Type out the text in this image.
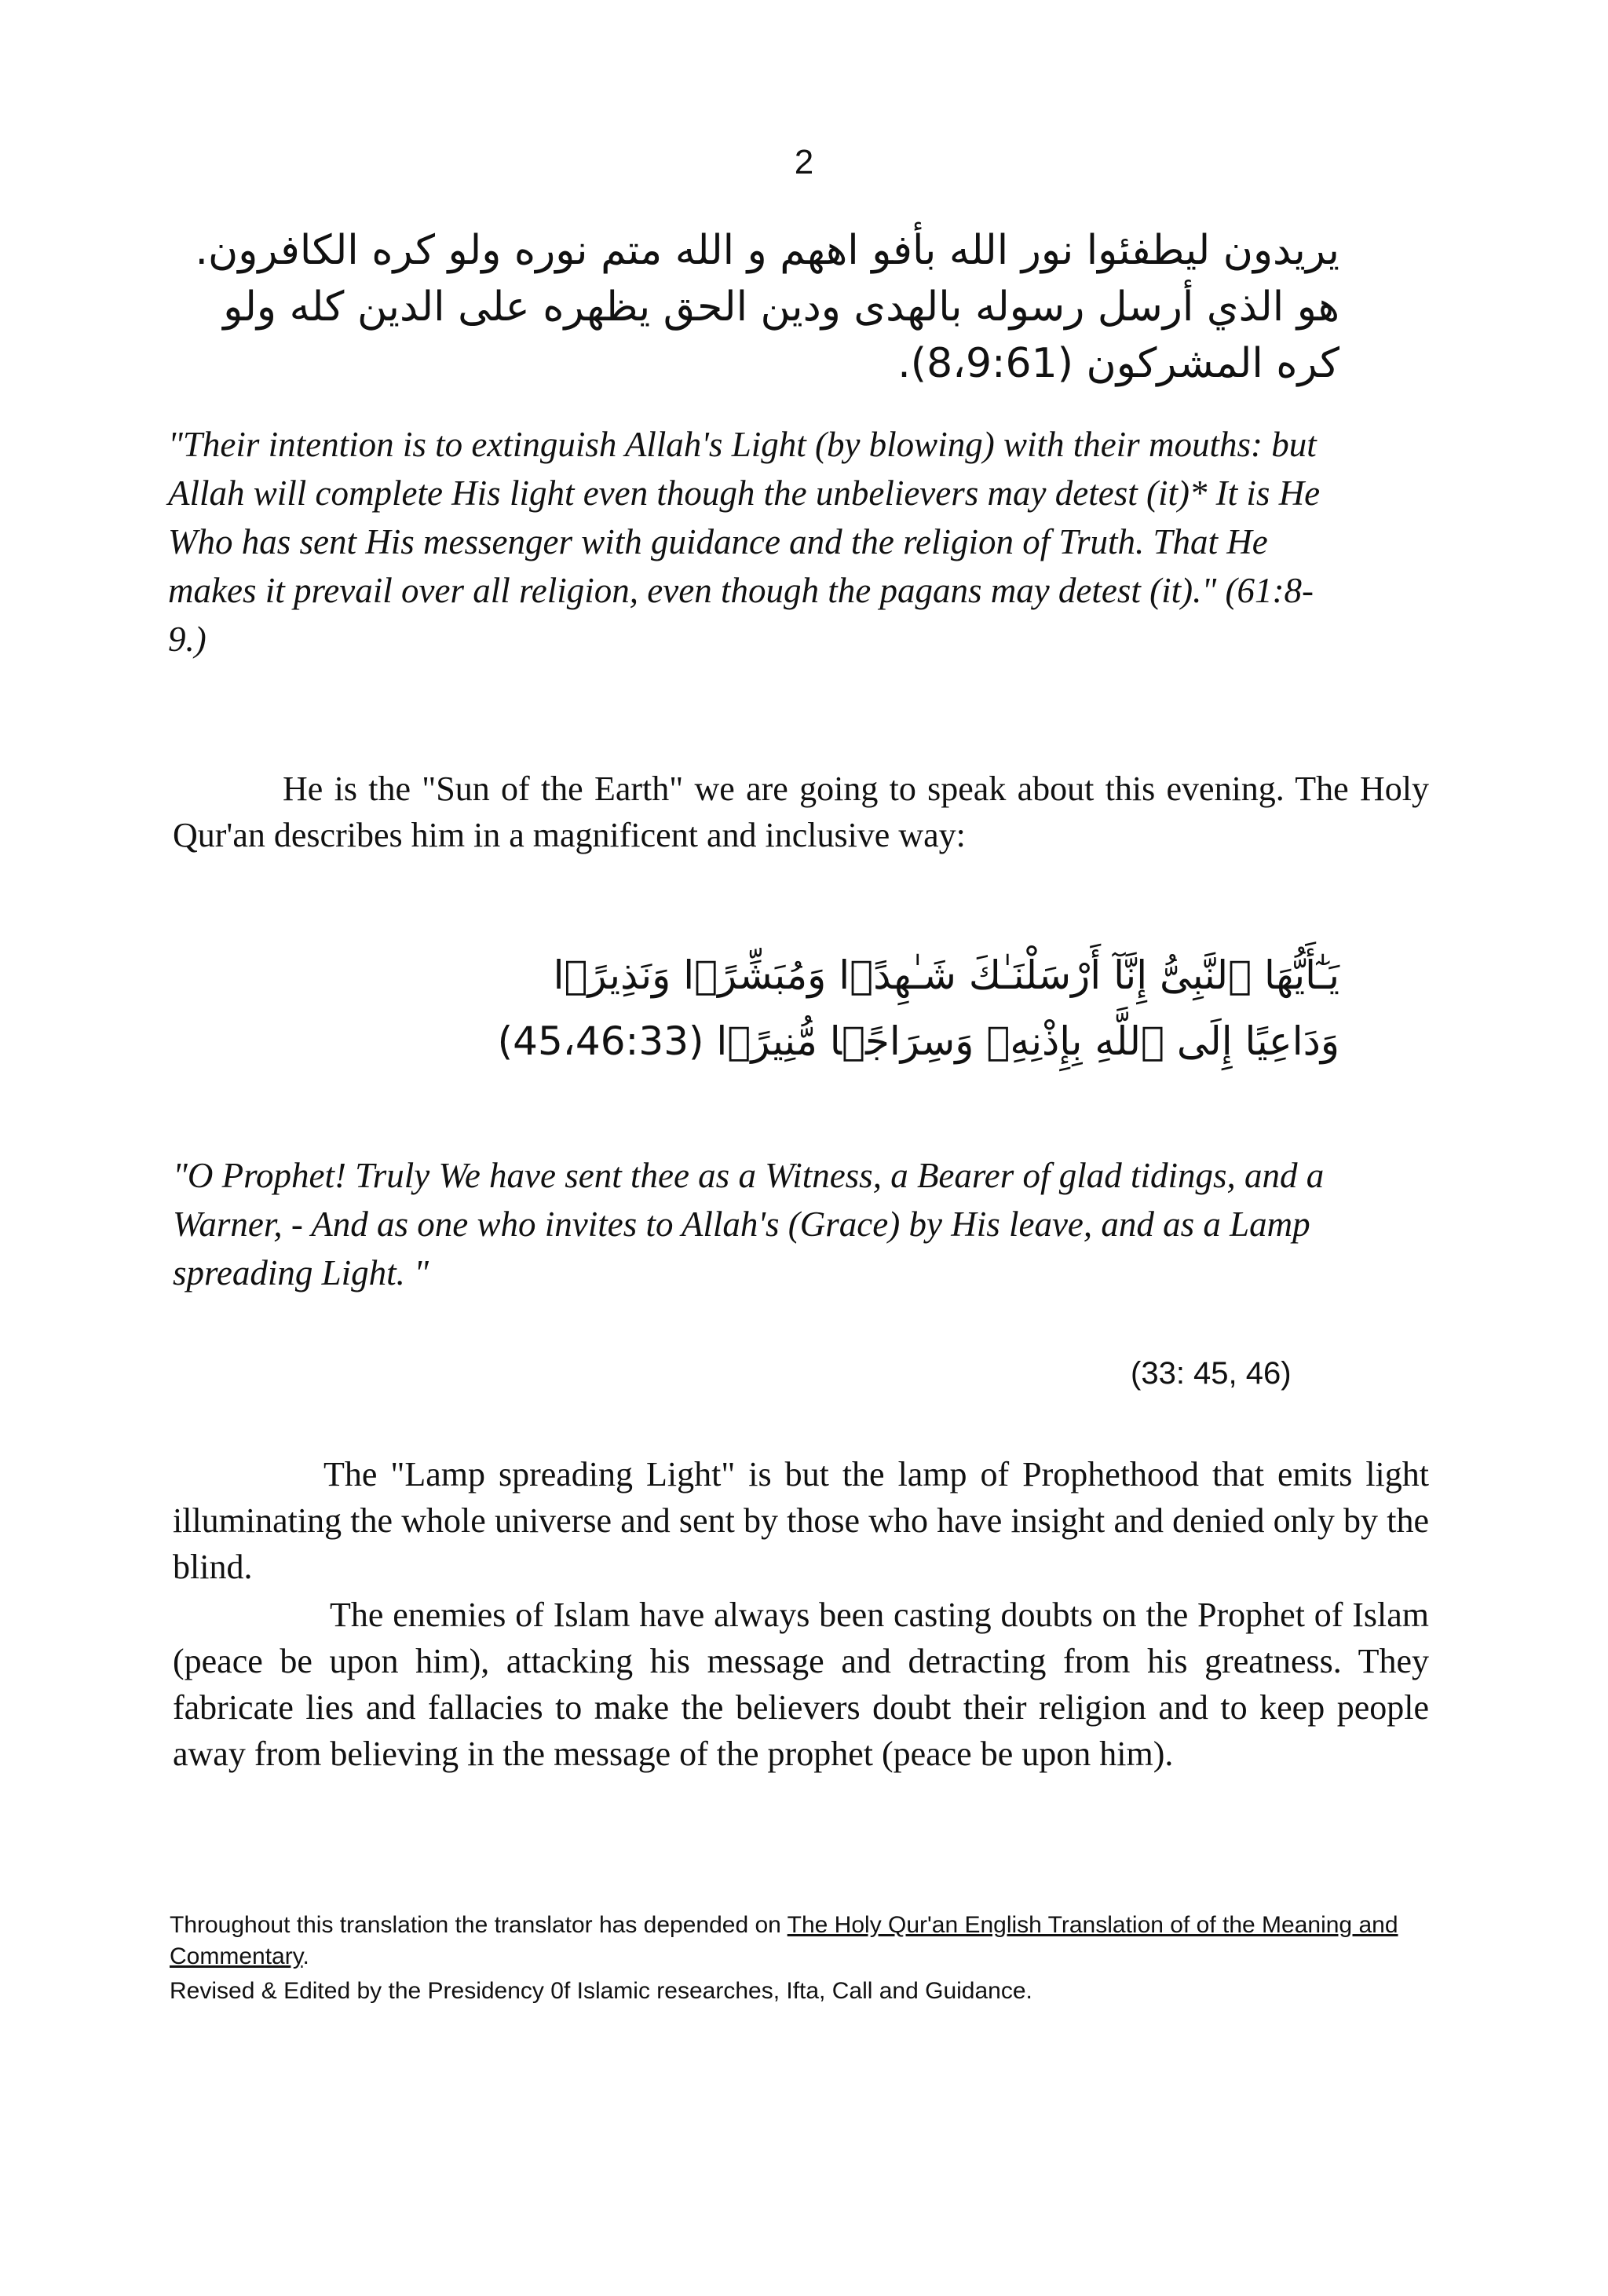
2
يريدون ليطفئوا نور الله بأفو اههم و الله متم نوره ولو كره الكافرون.
هو الذي أرسل رسوله بالهدى ودين الحق يظهره على الدين كله ولو
كره المشركون (8،9:61).
"Their intention is to extinguish Allah's Light (by blowing) with their mouths: but
Allah will complete His light even though the unbelievers may detest (it)* It is He
Who has sent His messenger with guidance and the religion of Truth. That He
makes it prevail over all religion, even though the pagans may detest (it)." (61:8-
9.)
He is the "Sun of the Earth" we are going to speak about this evening. The Holy Qur'an describes him in a magnificent and inclusive way:
يَـٰٓأَيُّهَا ٱلنَّبِىُّ إِنَّآ أَرْسَلْنَـٰكَ شَـٰهِدًۭا وَمُبَشِّرًۭا وَنَذِيرًۭا
وَدَاعِيًا إِلَى ٱللَّهِ بِإِذْنِهِۦ وَسِرَاجًۭا مُّنِيرًۭا (45،46:33)
"O Prophet! Truly We have sent thee as a Witness, a Bearer of glad tidings, and a
Warner, - And as one who invites to Allah's (Grace) by His leave, and as a Lamp
spreading Light. "
(33: 45, 46)
The "Lamp spreading Light" is but the lamp of Prophethood that emits light illuminating the whole universe and sent by those who have insight and denied only by the blind.
The enemies of Islam have always been casting doubts on the Prophet of Islam (peace be upon him), attacking his message and detracting from his greatness. They fabricate lies and fallacies to make the believers doubt their religion and to keep people away from believing in the message of the prophet (peace be upon him).
Throughout this translation the translator has depended on The Holy Qur'an English Translation of of the Meaning and Commentary.
Revised & Edited by the Presidency 0f Islamic researches, Ifta, Call and Guidance.
